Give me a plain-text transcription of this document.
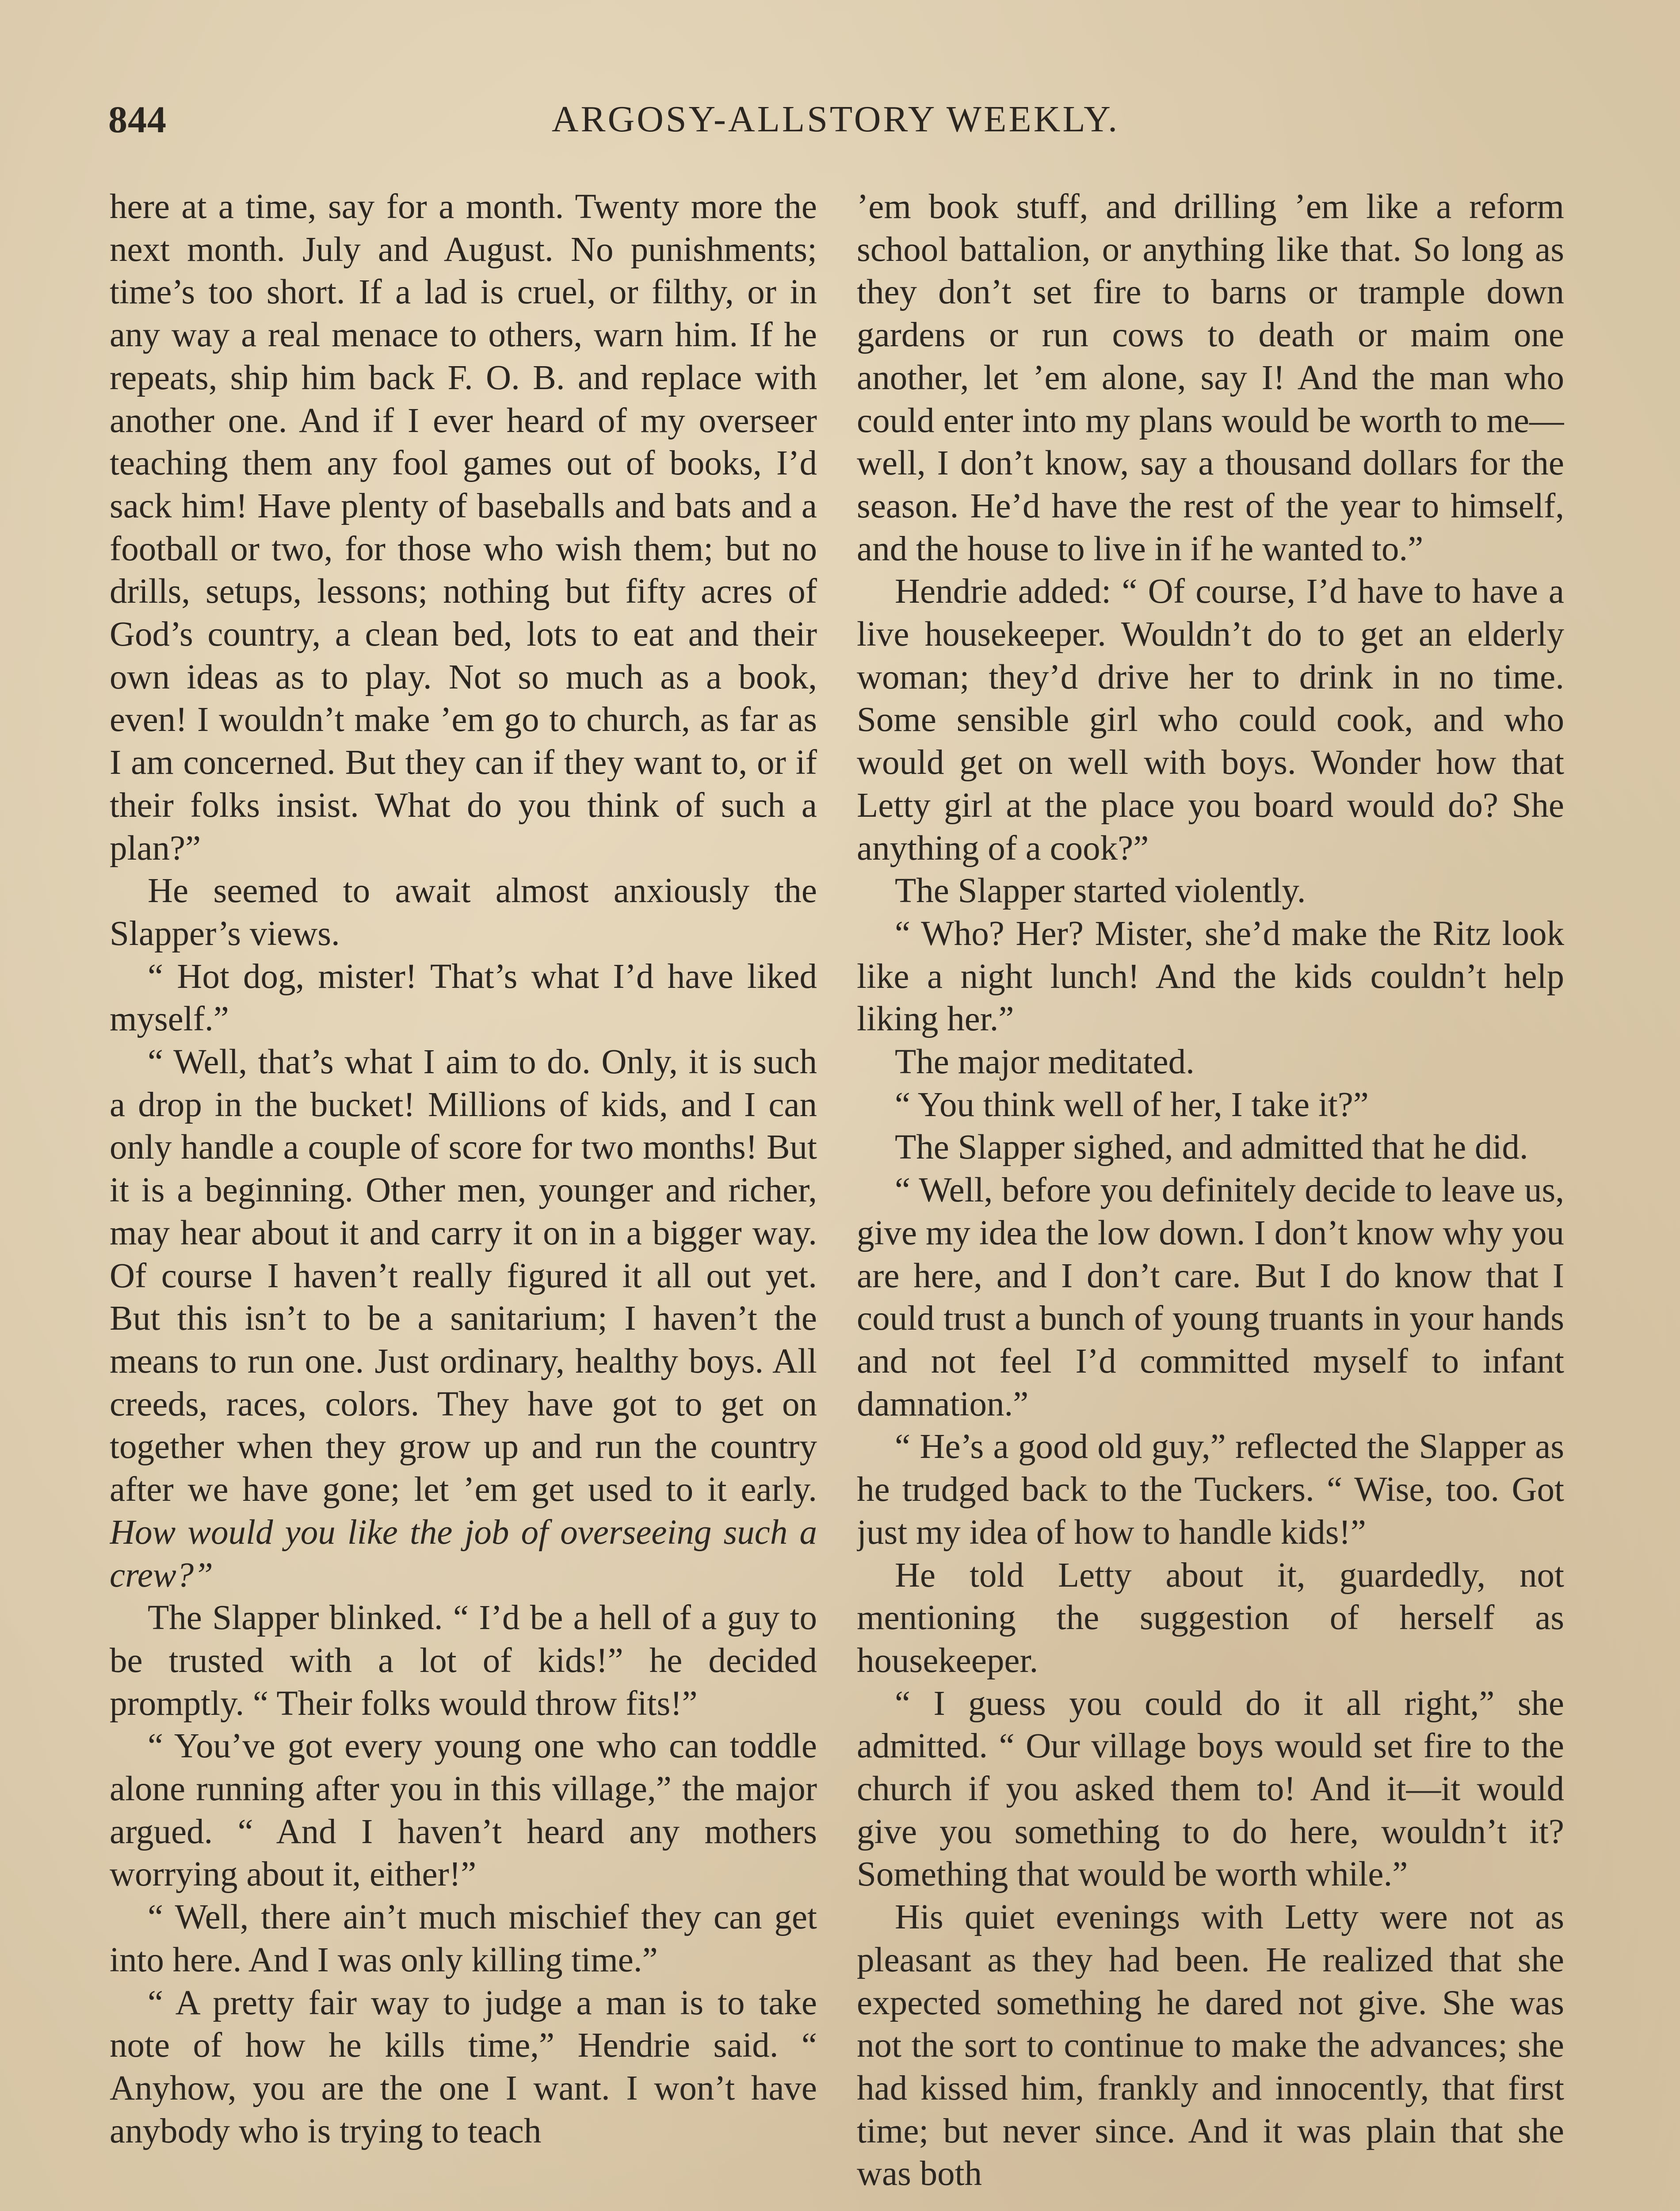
844	ARGOSY-ALLSTORY WEEKLY.

here at a time, say for a month. Twenty more the next month. July and August. No punishments; time’s too short. If a lad is cruel, or filthy, or in any way a real menace to others, warn him. If he repeats, ship him back F. O. B. and replace with another one. And if I ever heard of my overseer teaching them any fool games out of books, I’d sack him! Have plenty of baseballs and bats and a football or two, for those who wish them; but no drills, setups, lessons; nothing but fifty acres of God’s country, a clean bed, lots to eat and their own ideas as to play. Not so much as a book, even! I wouldn’t make ’em go to church, as far as I am concerned. But they can if they want to, or if their folks insist. What do you think of such a plan?”

He seemed to await almost anxiously the Slapper’s views.

“ Hot dog, mister! That’s what I’d have liked myself.”

“ Well, that’s what I aim to do. Only, it is such a drop in the bucket! Millions of kids, and I can only handle a couple of score for two months! But it is a beginning. Other men, younger and richer, may hear about it and carry it on in a bigger way. Of course I haven’t really figured it all out yet. But this isn’t to be a sanitarium; I haven’t the means to run one. Just ordinary, healthy boys. All creeds, races, colors. They have got to get on together when they grow up and run the country after we have gone; let ’em get used to it early. How would you like the job of overseeing such a crew?”

The Slapper blinked. “ I’d be a hell of a guy to be trusted with a lot of kids!” he decided promptly. “ Their folks would throw fits!”

“ You’ve got every young one who can toddle alone running after you in this village,” the major argued. “ And I haven’t heard any mothers worrying about it, either!”

“ Well, there ain’t much mischief they can get into here. And I was only killing time.”

“ A pretty fair way to judge a man is to take note of how he kills time,” Hendrie said. “ Anyhow, you are the one I want. I won’t have anybody who is trying to teach

’em book stuff, and drilling ’em like a reform school battalion, or anything like that. So long as they don’t set fire to barns or trample down gardens or run cows to death or maim one another, let ’em alone, say I! And the man who could enter into my plans would be worth to me—well, I don’t know, say a thousand dollars for the season. He’d have the rest of the year to himself, and the house to live in if he wanted to.”

Hendrie added: “ Of course, I’d have to have a live housekeeper. Wouldn’t do to get an elderly woman; they’d drive her to drink in no time. Some sensible girl who could cook, and who would get on well with boys. Wonder how that Letty girl at the place you board would do? She anything of a cook?”

The Slapper started violently.

“ Who? Her? Mister, she’d make the Ritz look like a night lunch! And the kids couldn’t help liking her.”

The major meditated.

“ You think well of her, I take it?”

The Slapper sighed, and admitted that he did.

“ Well, before you definitely decide to leave us, give my idea the low down. I don’t know why you are here, and I don’t care. But I do know that I could trust a bunch of young truants in your hands and not feel I’d committed myself to infant damnation.”

“ He’s a good old guy,” reflected the Slapper as he trudged back to the Tuckers. “ Wise, too. Got just my idea of how to handle kids!”

He told Letty about it, guardedly, not mentioning the suggestion of herself as housekeeper.

“ I guess you could do it all right,” she admitted. “ Our village boys would set fire to the church if you asked them to! And it—it would give you something to do here, wouldn’t it? Something that would be worth while.”

His quiet evenings with Letty were not as pleasant as they had been. He realized that she expected something he dared not give. She was not the sort to continue to make the advances; she had kissed him, frankly and innocently, that first time; but never since. And it was plain that she was both
